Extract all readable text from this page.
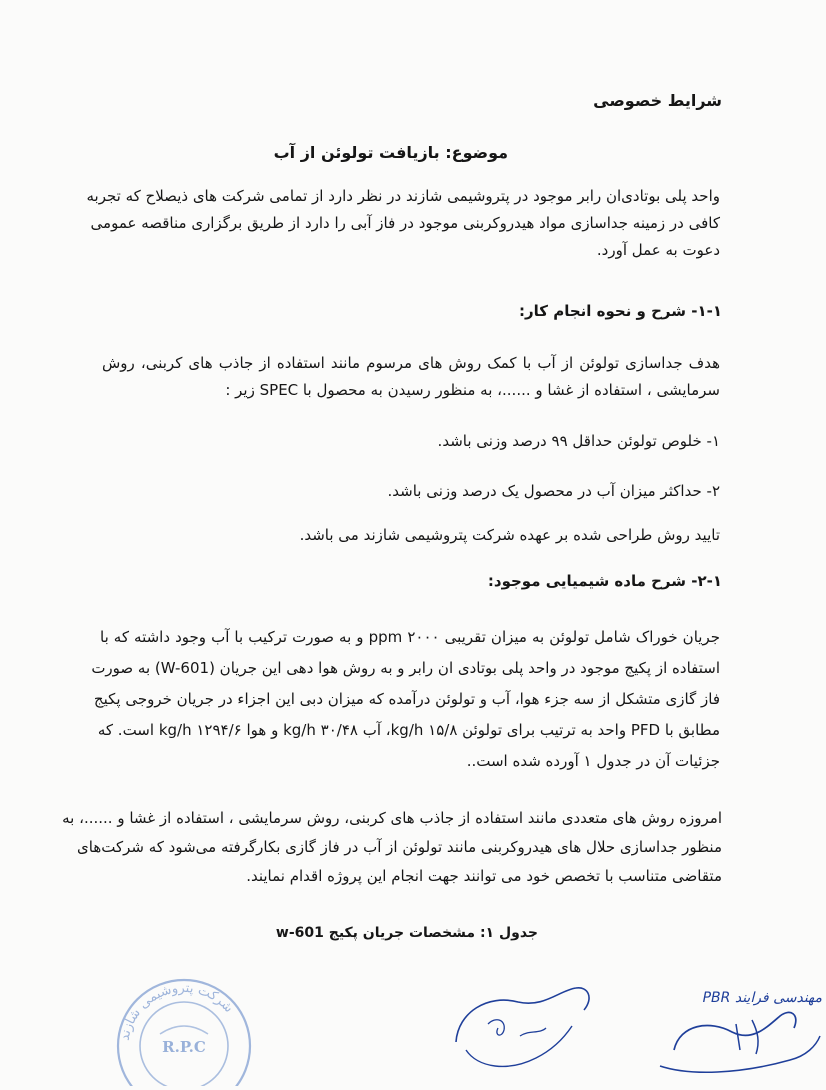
شرایط خصوصی
موضوع: بازیافت تولوئن از آب
واحد پلی بوتادی‌ان رابر موجود در پتروشیمی شازند در نظر دارد از تمامی شرکت های ذیصلاح که تجربه
کافی در زمینه جداسازی مواد هیدروکربنی موجود در فاز آبی را دارد از طریق برگزاری مناقصه عمومی
دعوت به عمل آورد.
۱-۱- شرح و نحوه انجام کار:
هدف جداسازی تولوئن از آب با کمک روش های مرسوم مانند استفاده از جاذب های کربنی، روش
سرمایشی ، استفاده از غشا و ......، به منظور رسیدن به محصول با SPEC زیر :
۱- خلوص تولوئن حداقل ۹۹ درصد وزنی باشد.
۲- حداکثر میزان آب در محصول یک درصد وزنی باشد.
تایید روش طراحی شده بر عهده شرکت پتروشیمی شازند می باشد.
۲-۱- شرح ماده شیمیایی موجود:
جریان خوراک شامل تولوئن به میزان تقریبی ۲۰۰۰ ppm و به صورت ترکیب با آب وجود داشته که با
استفاده از پکیج موجود در واحد پلی بوتادی ان رابر و به روش هوا دهی این جریان (W-601) به صورت
فاز گازی متشکل از سه جزء هوا، آب و تولوئن درآمده که میزان دبی این اجزاء در جریان خروجی پکیج
مطابق با PFD واحد به ترتیب برای تولوئن ۱۵/۸ kg/h، آب ۳۰/۴۸ kg/h و هوا ۱۲۹۴/۶ kg/h است. که
جزئیات آن در جدول ۱ آورده شده است..
امروزه روش های متعددی مانند استفاده از جاذب های کربنی، روش سرمایشی ، استفاده از غشا و ......، به
منظور جداسازی حلال های هیدروکربنی مانند تولوئن از آب در فاز گازی بکارگرفته می‌شود که شرکت‌های
متقاضی متناسب با تخصص خود می توانند جهت انجام این پروژه اقدام نمایند.
جدول ۱: مشخصات جریان پکیج w-601
شرکت پتروشیمی شازند
R.P.C
PBR مهندسی فرایند
